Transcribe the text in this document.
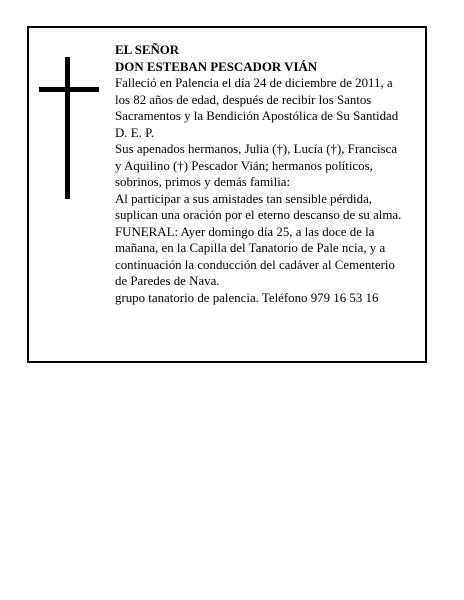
EL SEÑOR
DON ESTEBAN PESCADOR VIÁN
Falleció en Palencia el día 24 de diciembre de 2011, a
los 82 años de edad, después de recibir los Santos
Sacramentos y la Bendición Apostólica de Su Santidad
D. E. P.
Sus apenados hermanos, Julia (†), Lucía (†), Francisca
y Aquilino (†) Pescador Vián; hermanos políticos,
sobrinos, primos y demás familia:
Al participar a sus amistades tan sensible pérdida,
suplican una oración por el eterno descanso de su alma.
FUNERAL: Ayer domingo día 25, a las doce de la
mañana, en la Capilla del Tanatorio de Pale ncia, y a
continuación la conducción del cadáver al Cementerio
de Paredes de Nava.
grupo tanatorio de palencia. Teléfono 979 16 53 16
